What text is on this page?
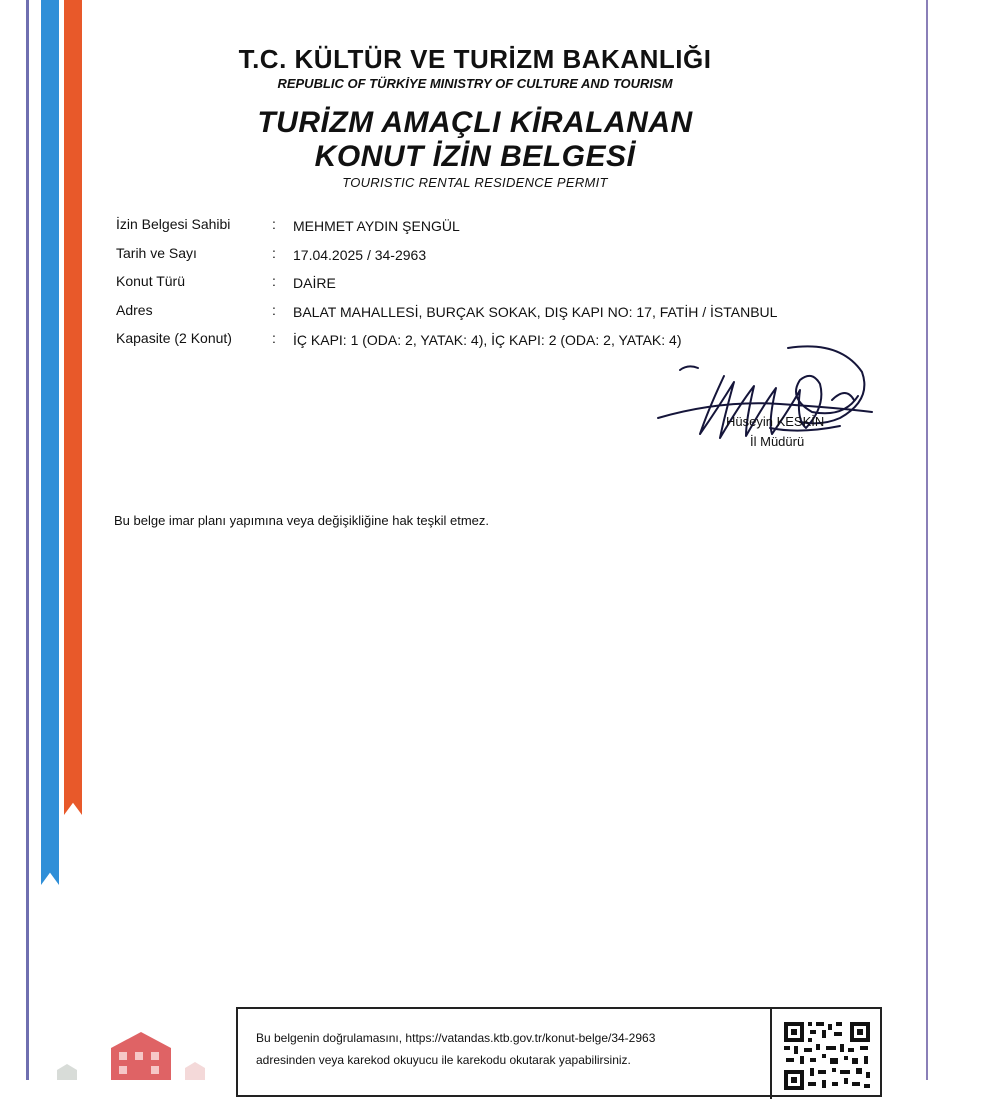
T.C. KÜLTÜR VE TURİZM BAKANLIĞI
REPUBLIC OF TÜRKİYE MINISTRY OF CULTURE AND TOURISM
TURİZM AMAÇLI KİRALANAN
KONUT İZİN BELGESİ
TOURISTIC RENTAL RESIDENCE PERMIT
İzin Belgesi Sahibi	: MEHMET AYDIN ŞENGÜL
Tarih ve Sayı	: 17.04.2025 / 34-2963
Konut Türü	: DAİRE
Adres	: BALAT MAHALLESİ, BURÇAK SOKAK, DIŞ KAPI NO: 17, FATİH / İSTANBUL
Kapasite (2 Konut)	: İÇ KAPI: 1 (ODA: 2, YATAK: 4), İÇ KAPI: 2 (ODA: 2, YATAK: 4)
Hüseyin KESKİN
İl Müdürü
Bu belge imar planı yapımına veya değişikliğine hak teşkil etmez.
Bu belgenin doğrulamasını, https://vatandas.ktb.gov.tr/konut-belge/34-2963
adresinden veya karekod okuyucu ile karekodu okutarak yapabilirsiniz.
